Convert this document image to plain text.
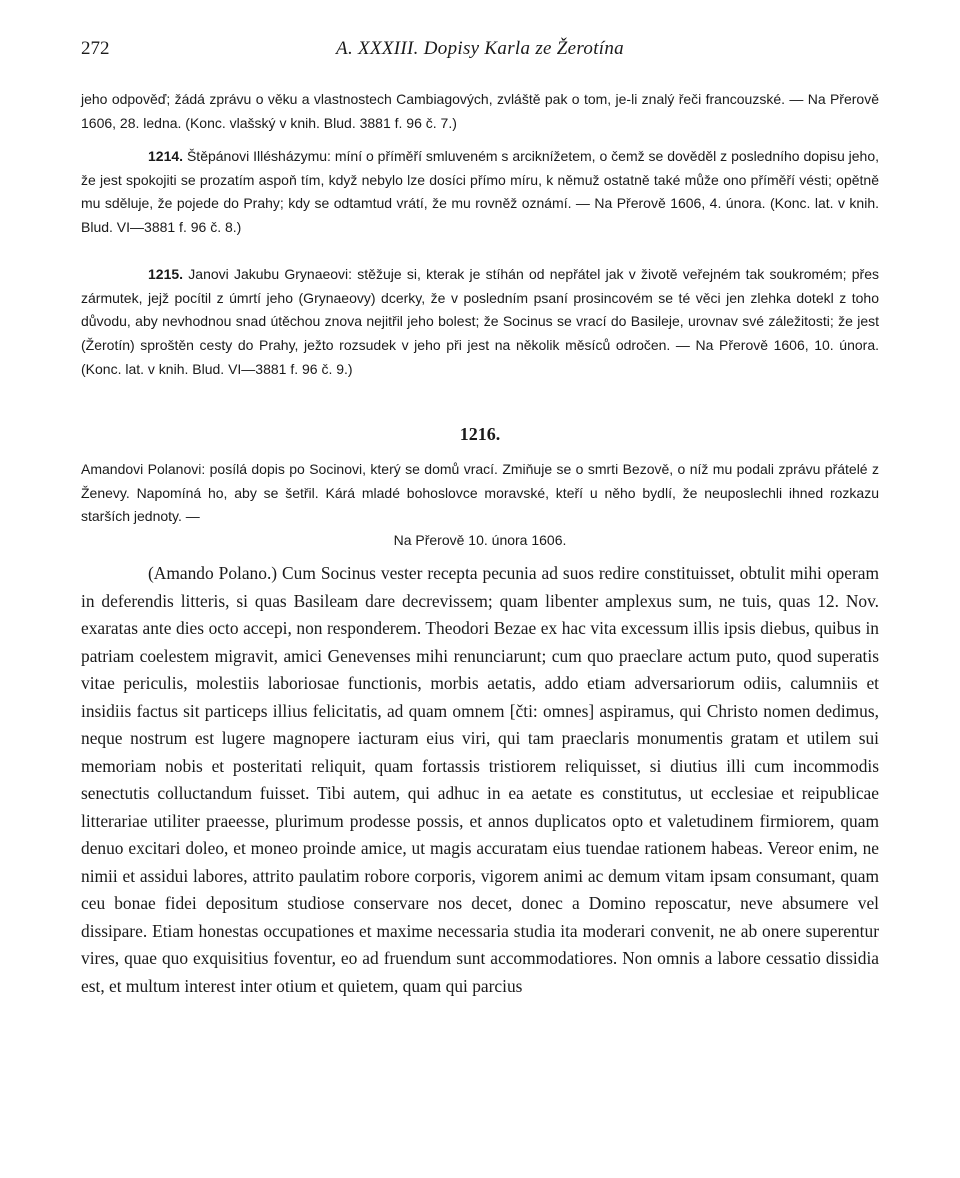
272	A. XXXIII. Dopisy Karla ze Žerotína

jeho odpověď; žádá zprávu o věku a vlastnostech Cambiagových, zvláště pak o tom, je-li znalý řeči francouzské. — Na Přerově 1606, 28. ledna. (Konc. vlašský v knih. Blud. 3881 f. 96 č. 7.)

1214. Štěpánovi Illésházymu: míní o příměří smluveném s arciknížetem, o čemž se dověděl z posledního dopisu jeho, že jest spokojiti se prozatím aspoň tím, když nebylo lze dosíci přímo míru, k němuž ostatně také může ono příměří vésti; opětně mu sděluje, že pojede do Prahy; kdy se odtamtud vrátí, že mu rovněž oznámí. — Na Přerově 1606, 4. února. (Konc. lat. v knih. Blud. VI—3881 f. 96 č. 8.)

1215. Janovi Jakubu Grynaeovi: stěžuje si, kterak je stíhán od nepřátel jak v životě veřejném tak soukromém; přes zármutek, jejž pocítil z úmrtí jeho (Grynaeovy) dcerky, že v posledním psaní prosincovém se té věci jen zlehka dotekl z toho důvodu, aby nevhodnou snad útěchou znova nejitřil jeho bolest; že Socinus se vrací do Basileje, urovnav své záležitosti; že jest (Žerotín) sproštěn cesty do Prahy, ježto rozsudek v jeho při jest na několik měsíců odročen. — Na Přerově 1606, 10. února. (Konc. lat. v knih. Blud. VI—3881 f. 96 č. 9.)

1216.

Amandovi Polanovi: posílá dopis po Socinovi, který se domů vrací. Zmiňuje se o smrti Bezově, o níž mu podali zprávu přátelé z Ženevy. Napomíná ho, aby se šetřil. Kárá mladé bohoslovce moravské, kteří u něho bydlí, že neuposlechli ihned rozkazu starších jednoty. —

Na Přerově 10. února 1606.

(Amando Polano.) Cum Socinus vester recepta pecunia ad suos redire constituisset, obtulit mihi operam in deferendis litteris, si quas Basileam dare decrevissem; quam libenter amplexus sum, ne tuis, quas 12. Nov. exaratas ante dies octo accepi, non responderem. Theodori Bezae ex hac vita excessum illis ipsis diebus, quibus in patriam coelestem migravit, amici Genevenses mihi renunciarunt; cum quo praeclare actum puto, quod superatis vitae periculis, molestiis laboriosae functionis, morbis aetatis, addo etiam adversariorum odiis, calumniis et insidiis factus sit particeps illius felicitatis, ad quam omnem [čti: omnes] aspiramus, qui Christo nomen dedimus, neque nostrum est lugere magnopere iacturam eius viri, qui tam praeclaris monumentis gratam et utilem sui memoriam nobis et posteritati reliquit, quam fortassis tristiorem reliquisset, si diutius illi cum incommodis senectutis colluctandum fuisset. Tibi autem, qui adhuc in ea aetate es constitutus, ut ecclesiae et reipublicae litterariae utiliter praeesse, plurimum prodesse possis, et annos duplicatos opto et valetudinem firmiorem, quam denuo excitari doleo, et moneo proinde amice, ut magis accuratam eius tuendae rationem habeas. Vereor enim, ne nimii et assidui labores, attrito paulatim robore corporis, vigorem animi ac demum vitam ipsam consumant, quam ceu bonae fidei depositum studiose conservare nos decet, donec a Domino reposcatur, neve absumere vel dissipare. Etiam honestas occupationes et maxime necessaria studia ita moderari convenit, ne ab onere superentur vires, quae quo exquisitius foventur, eo ad fruendum sunt accommodatiores. Non omnis a labore cessatio dissidia est, et multum interest inter otium et quietem, quam qui parcius
